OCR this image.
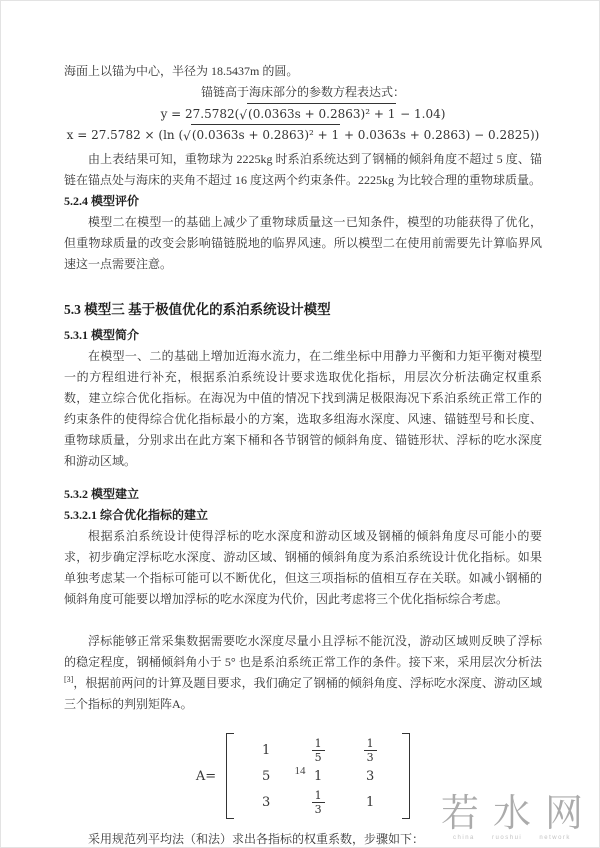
海面上以锚为中心，半径为 18.5437m 的圆。

锚链高于海床部分的参数方程表达式：

y = 27.5782(√(0.0363s + 0.2863)² + 1 − 1.04)
x = 27.5782 × (ln (√(0.0363s + 0.2863)² + 1 + 0.0363s + 0.2863) − 0.2825))

由上表结果可知，重物球为 2225kg 时系泊系统达到了钢桶的倾斜角度不超过 5 度、锚链在锚点处与海床的夹角不超过 16 度这两个约束条件。2225kg 为比较合理的重物球质量。

5.2.4 模型评价

模型二在模型一的基础上减少了重物球质量这一已知条件，模型的功能获得了优化，但重物球质量的改变会影响锚链脱地的临界风速。所以模型二在使用前需要先计算临界风速这一点需要注意。

5.3 模型三 基于极值优化的系泊系统设计模型
5.3.1 模型简介

在模型一、二的基础上增加近海水流力，在二维坐标中用静力平衡和力矩平衡对模型一的方程组进行补充，根据系泊系统设计要求选取优化指标，用层次分析法确定权重系数，建立综合优化指标。在海况为中值的情况下找到满足极限海况下系泊系统正常工作的约束条件的使得综合优化指标最小的方案，选取多组海水深度、风速、锚链型号和长度、重物球质量，分别求出在此方案下桶和各节钢管的倾斜角度、锚链形状、浮标的吃水深度和游动区域。

5.3.2 模型建立
5.3.2.1 综合优化指标的建立

根据系泊系统设计使得浮标的吃水深度和游动区域及钢桶的倾斜角度尽可能小的要求，初步确定浮标吃水深度、游动区域、钢桶的倾斜角度为系泊系统设计优化指标。如果单独考虑某一个指标可能可以不断优化，但这三项指标的值相互存在关联。如减小钢桶的倾斜角度可能要以增加浮标的吃水深度为代价，因此考虑将三个优化指标综合考虑。

浮标能够正常采集数据需要吃水深度尽量小且浮标不能沉没，游动区域则反映了浮标的稳定程度，钢桶倾斜角小于 5° 也是系泊系统正常工作的条件。接下来，采用层次分析法[3]，根据前两问的计算及题目要求，我们确定了钢桶的倾斜角度、浮标吃水深度、游动区域三个指标的判别矩阵A。

A=
1	$\frac{1}{5}$	$\frac{1}{3}$
5	1	3
3	$\frac{1}{3}$	1

采用规范列平均法（和法）求出各指标的权重系数，步骤如下：

14
若水网
china ruoshui network
